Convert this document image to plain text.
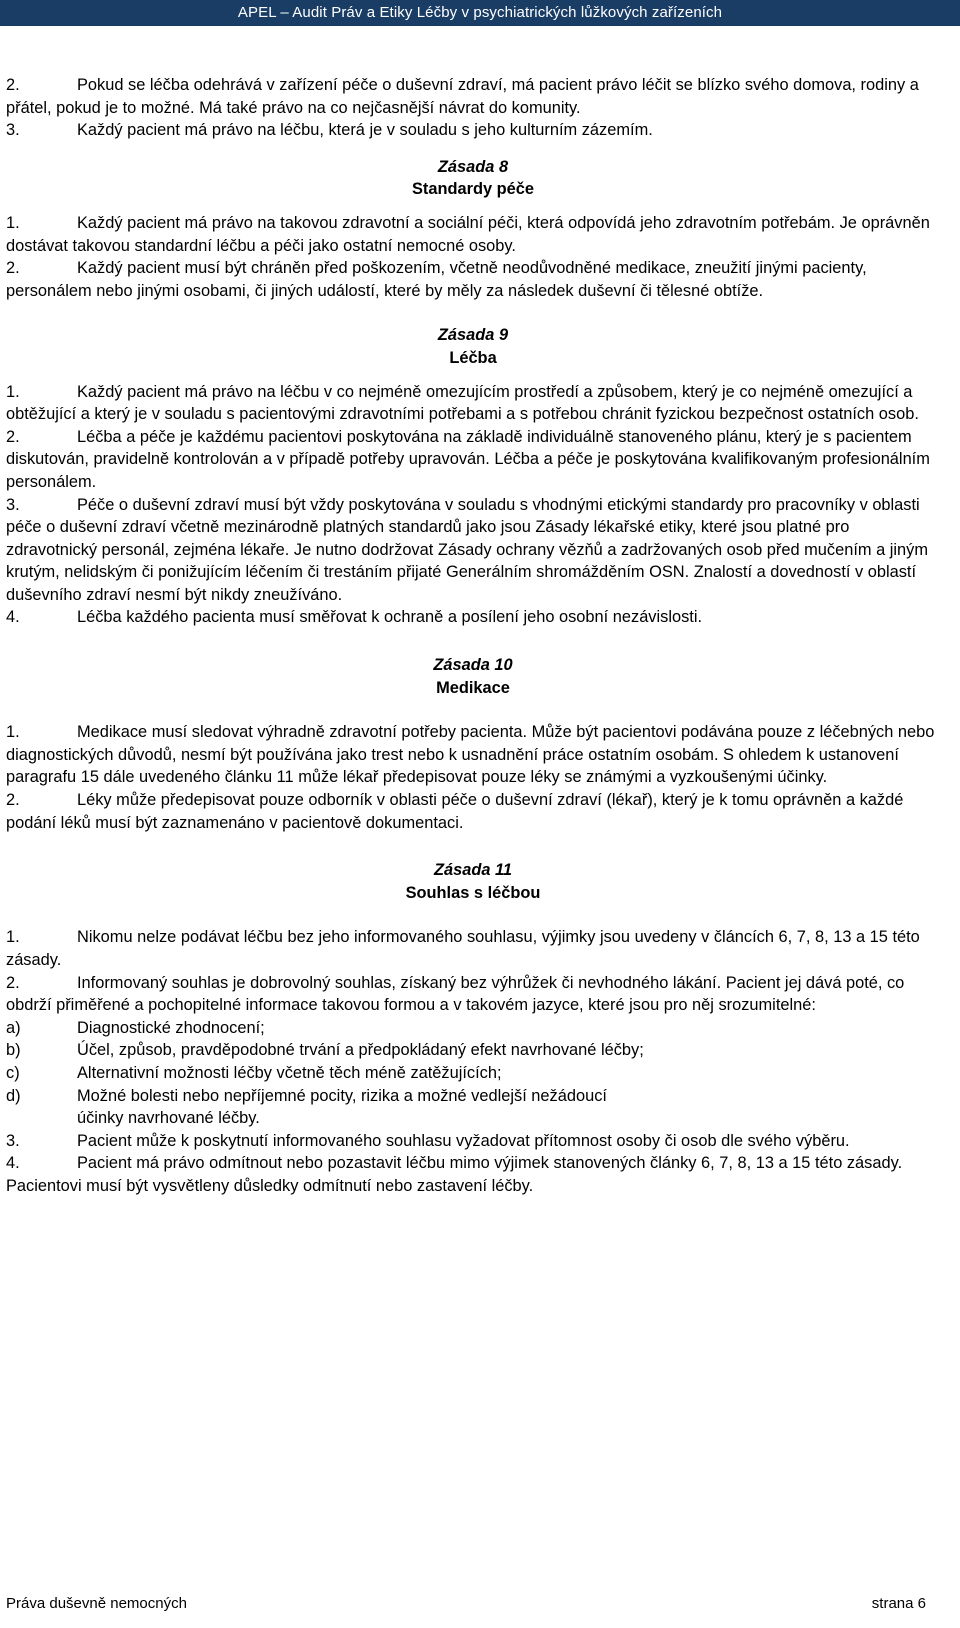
APEL – Audit Práv a Etiky Léčby v psychiatrických lůžkových zařízeních

2.	Pokud se léčba odehrává v zařízení péče o duševní zdraví, má pacient právo léčit se blízko svého domova, rodiny a přátel, pokud je to možné. Má také právo na co nejčasnější návrat do komunity.

3.	Každý pacient má právo na léčbu, která je v souladu s jeho kulturním zázemím.

Zásada 8
Standardy péče

1.	Každý pacient má právo na takovou zdravotní a sociální péči, která odpovídá jeho zdravotním potřebám. Je oprávněn dostávat takovou standardní léčbu a péči jako ostatní nemocné osoby.

2.	Každý pacient musí být chráněn před poškozením, včetně neodůvodněné medikace, zneužití jinými pacienty, personálem nebo jinými osobami, či jiných událostí, které by měly za následek duševní či tělesné obtíže.

Zásada 9
Léčba

1.	Každý pacient má právo na léčbu v co nejméně omezujícím prostředí a způsobem, který je co nejméně omezující a obtěžující a který je v souladu s pacientovými zdravotními potřebami a s potřebou chránit fyzickou bezpečnost ostatních osob.

2.	Léčba a péče je každému pacientovi poskytována na základě individuálně stanoveného plánu, který je s pacientem diskutován, pravidelně kontrolován a v případě potřeby upravován. Léčba a péče je poskytována kvalifikovaným profesionálním personálem.

3.	Péče o duševní zdraví musí být vždy poskytována v souladu s vhodnými etickými standardy pro pracovníky v oblasti péče o duševní zdraví včetně mezinárodně platných standardů jako jsou Zásady lékařské etiky, které jsou platné pro zdravotnický personál, zejména lékaře. Je nutno dodržovat Zásady ochrany vězňů a zadržovaných osob před mučením a jiným krutým, nelidským či ponižujícím léčením či trestáním přijaté Generálním shromážděním OSN. Znalostí a dovedností v oblastí duševního zdraví nesmí být nikdy zneužíváno.

4.	Léčba každého pacienta musí směřovat k ochraně a posílení jeho osobní nezávislosti.

Zásada 10
Medikace

1.	Medikace musí sledovat výhradně zdravotní potřeby pacienta. Může být pacientovi podávána pouze z léčebných nebo diagnostických důvodů, nesmí být používána jako trest nebo k usnadnění práce ostatním osobám. S ohledem k ustanovení paragrafu 15 dále uvedeného článku 11 může lékař předepisovat pouze léky se známými a vyzkoušenými účinky.

2.	Léky může předepisovat pouze odborník v oblasti péče o duševní zdraví (lékař), který je k tomu oprávněn a každé podání léků musí být zaznamenáno v pacientově dokumentaci.

Zásada 11
Souhlas s léčbou

1.	Nikomu nelze podávat léčbu bez jeho informovaného souhlasu, výjimky jsou uvedeny v článcích 6, 7, 8, 13 a 15 této zásady.

2.	Informovaný souhlas je dobrovolný souhlas, získaný bez výhrůžek či nevhodného lákání. Pacient jej dává poté, co obdrží přiměřené a pochopitelné informace takovou formou a v takovém jazyce, které jsou pro něj srozumitelné:

a)	Diagnostické zhodnocení;

b)	Účel, způsob, pravděpodobné trvání a předpokládaný efekt navrhované léčby;

c)	Alternativní možnosti léčby včetně těch méně zatěžujících;

d)	Možné bolesti nebo nepříjemné pocity, rizika a možné vedlejší nežádoucí

účinky navrhované léčby.

3.	Pacient může k poskytnutí informovaného souhlasu vyžadovat přítomnost osoby či osob dle svého výběru.

4.	Pacient má právo odmítnout nebo pozastavit léčbu mimo výjimek stanovených články 6, 7, 8, 13 a 15 této zásady. Pacientovi musí být vysvětleny důsledky odmítnutí nebo zastavení léčby.

Práva duševně nemocných	strana 6
